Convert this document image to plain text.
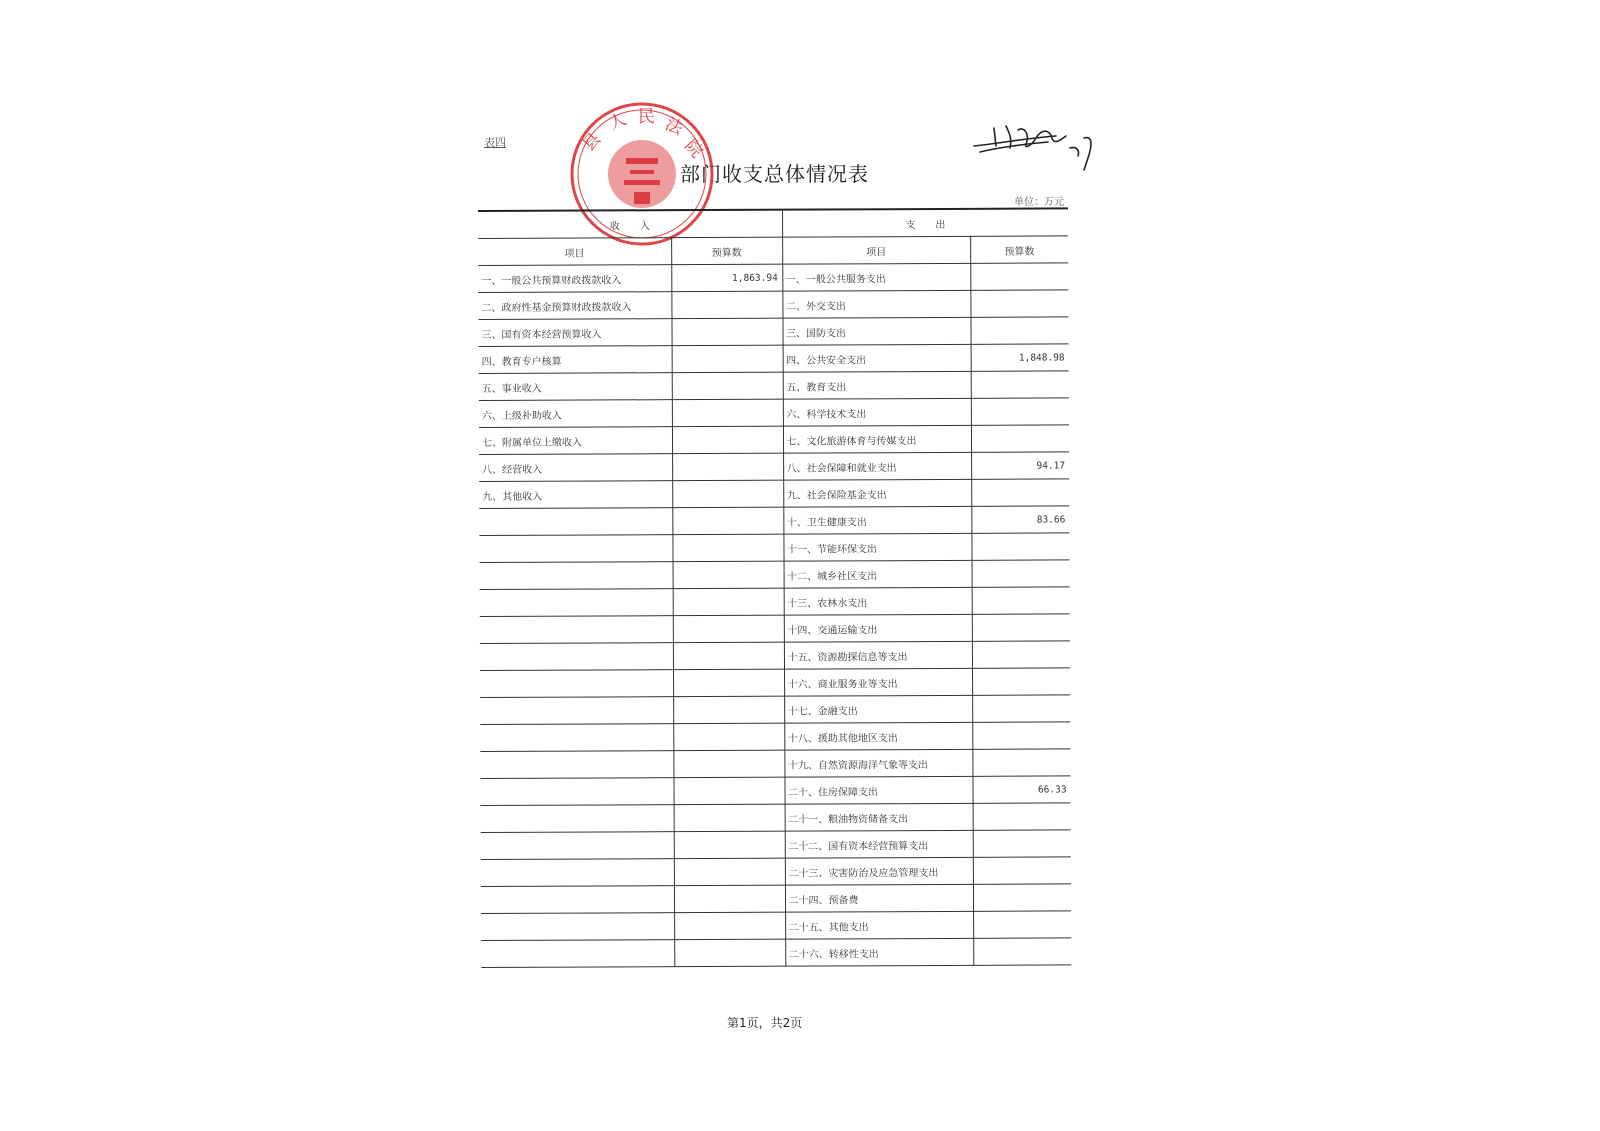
表四	县
人 民 法
院
部门收支总体情况表
单位：万元
收　　入		支　　出	
项目	预算数	项目	预算数
一、一般公共预算财政拨款收入	1,863.94	一、一般公共服务支出	
二、政府性基金预算财政拨款收入		二、外交支出	
三、国有资本经营预算收入		三、国防支出	
四、教育专户核算		四、公共安全支出	1,848.98
五、事业收入		五、教育支出	
六、上级补助收入		六、科学技术支出	
七、附属单位上缴收入		七、文化旅游体育与传媒支出	
八、经营收入		八、社会保障和就业支出	94.17
九、其他收入		九、社会保险基金支出	
		十、卫生健康支出	83.66
		十一、节能环保支出	
		十二、城乡社区支出	
		十三、农林水支出	
		十四、交通运输支出	
		十五、资源勘探信息等支出	
		十六、商业服务业等支出	
		十七、金融支出	
		十八、援助其他地区支出	
		十九、自然资源海洋气象等支出	
		二十、住房保障支出	66.33
		二十一、粮油物资储备支出	
		二十二、国有资本经营预算支出	
		二十三、灾害防治及应急管理支出	
		二十四、预备费	
		二十五、其他支出	
		二十六、转移性支出	
第1页，共2页
